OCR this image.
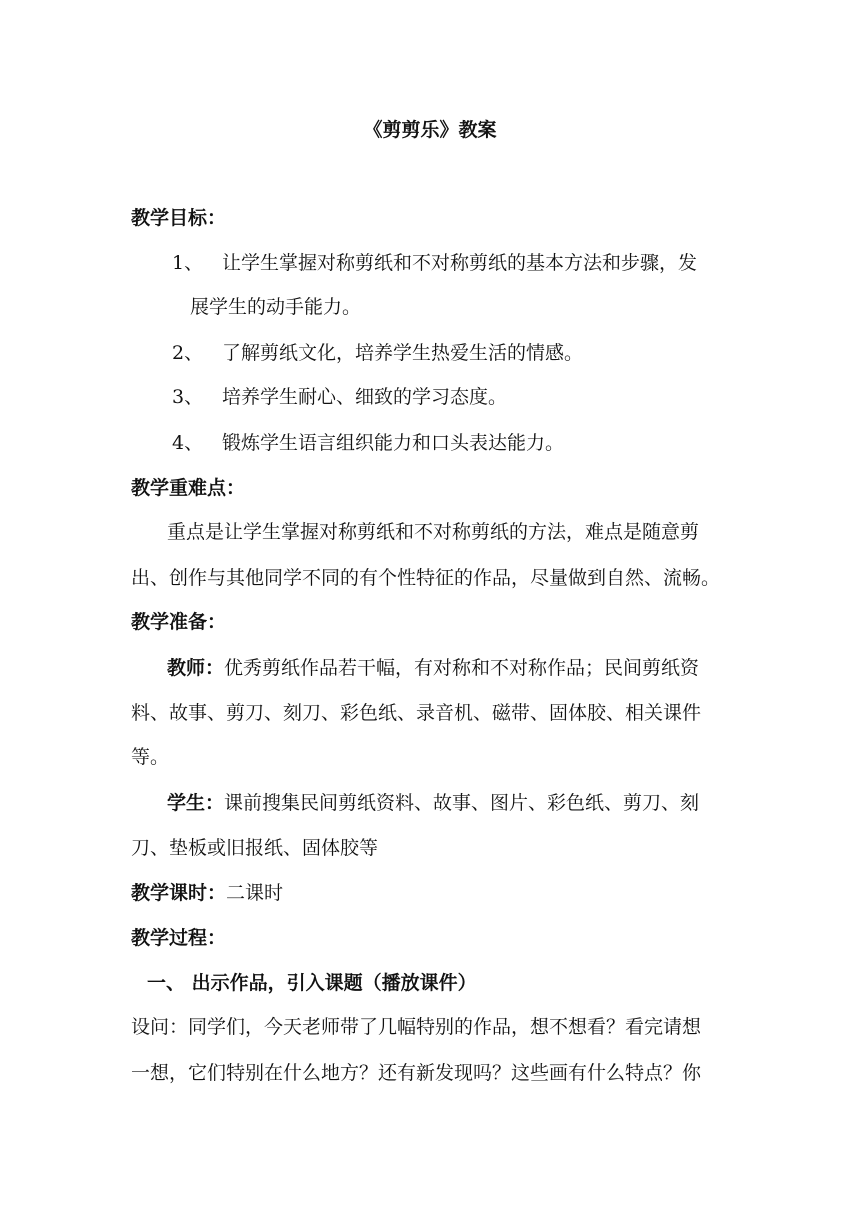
《剪剪乐》教案
教学目标：
1、 让学生掌握对称剪纸和不对称剪纸的基本方法和步骤，发
展学生的动手能力。
2、 了解剪纸文化，培养学生热爱生活的情感。
3、 培养学生耐心、细致的学习态度。
4、 锻炼学生语言组织能力和口头表达能力。
教学重难点：
重点是让学生掌握对称剪纸和不对称剪纸的方法，难点是随意剪
出、创作与其他同学不同的有个性特征的作品，尽量做到自然、流畅。
教学准备：
教师：优秀剪纸作品若干幅，有对称和不对称作品；民间剪纸资
料、故事、剪刀、刻刀、彩色纸、录音机、磁带、固体胶、相关课件
等。
学生：课前搜集民间剪纸资料、故事、图片、彩色纸、剪刀、刻
刀、垫板或旧报纸、固体胶等
教学课时：二课时
教学过程：
一、 出示作品，引入课题（播放课件）
设问：同学们，今天老师带了几幅特别的作品，想不想看？看完请想
一想，它们特别在什么地方？还有新发现吗？这些画有什么特点？你
